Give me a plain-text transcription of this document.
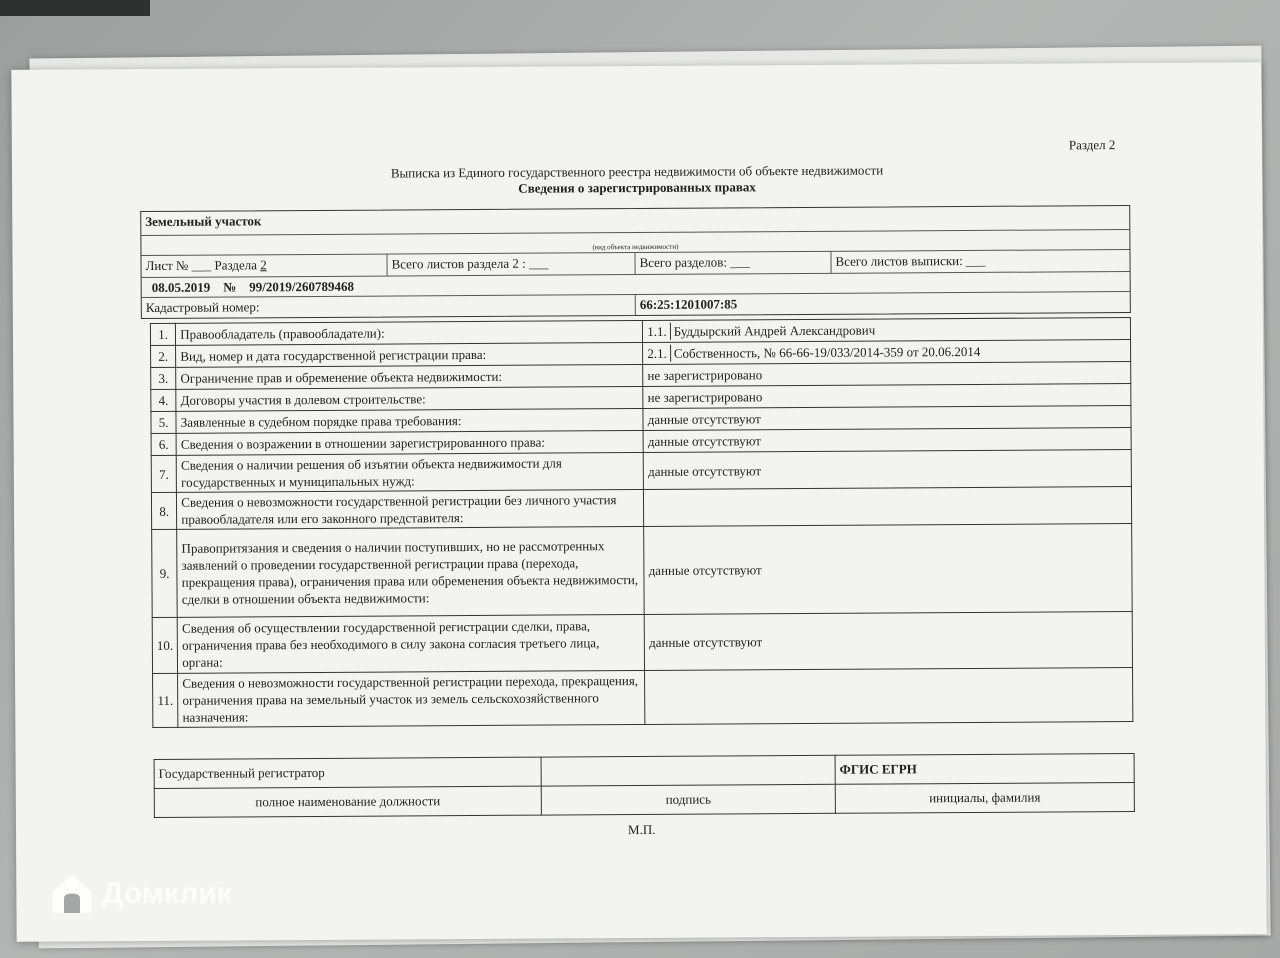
Раздел 2
Выписка из Единого государственного реестра недвижимости об объекте недвижимости
Сведения о зарегистрированных правах
Земельный участок
(вид объекта недвижимости)
Лист № ___ Раздела 2	Всего листов раздела 2 : ___	Всего разделов: ___	Всего листов выписки: ___
08.05.2019 № 99/2019/260789468
Кадастровый номер:	66:25:1201007:85
1.	Правообладатель (правообладатели):	1.1. Буддырский Андрей Александрович
2.	Вид, номер и дата государственной регистрации права:	2.1. Собственность, № 66-66-19/033/2014-359 от 20.06.2014
3.	Ограничение прав и обременение объекта недвижимости:	не зарегистрировано
4.	Договоры участия в долевом строительстве:	не зарегистрировано
5.	Заявленные в судебном порядке права требования:	данные отсутствуют
6.	Сведения о возражении в отношении зарегистрированного права:	данные отсутствуют
7.	Сведения о наличии решения об изъятии объекта недвижимости для государственных и муниципальных нужд:	данные отсутствуют
8.	Сведения о невозможности государственной регистрации без личного участия правообладателя или его законного представителя:	
9.	Правопритязания и сведения о наличии поступивших, но не рассмотренных заявлений о проведении государственной регистрации права (перехода, прекращения права), ограничения права или обременения объекта недвижимости, сделки в отношении объекта недвижимости:	данные отсутствуют
10.	Сведения об осуществлении государственной регистрации сделки, права, ограничения права без необходимого в силу закона согласия третьего лица, органа:	данные отсутствуют
11.	Сведения о невозможности государственной регистрации перехода, прекращения, ограничения права на земельный участок из земель сельскохозяйственного назначения:	
Государственный регистратор		ФГИС ЕГРН
полное наименование должности	подпись	инициалы, фамилия
М.П.
Домклик
